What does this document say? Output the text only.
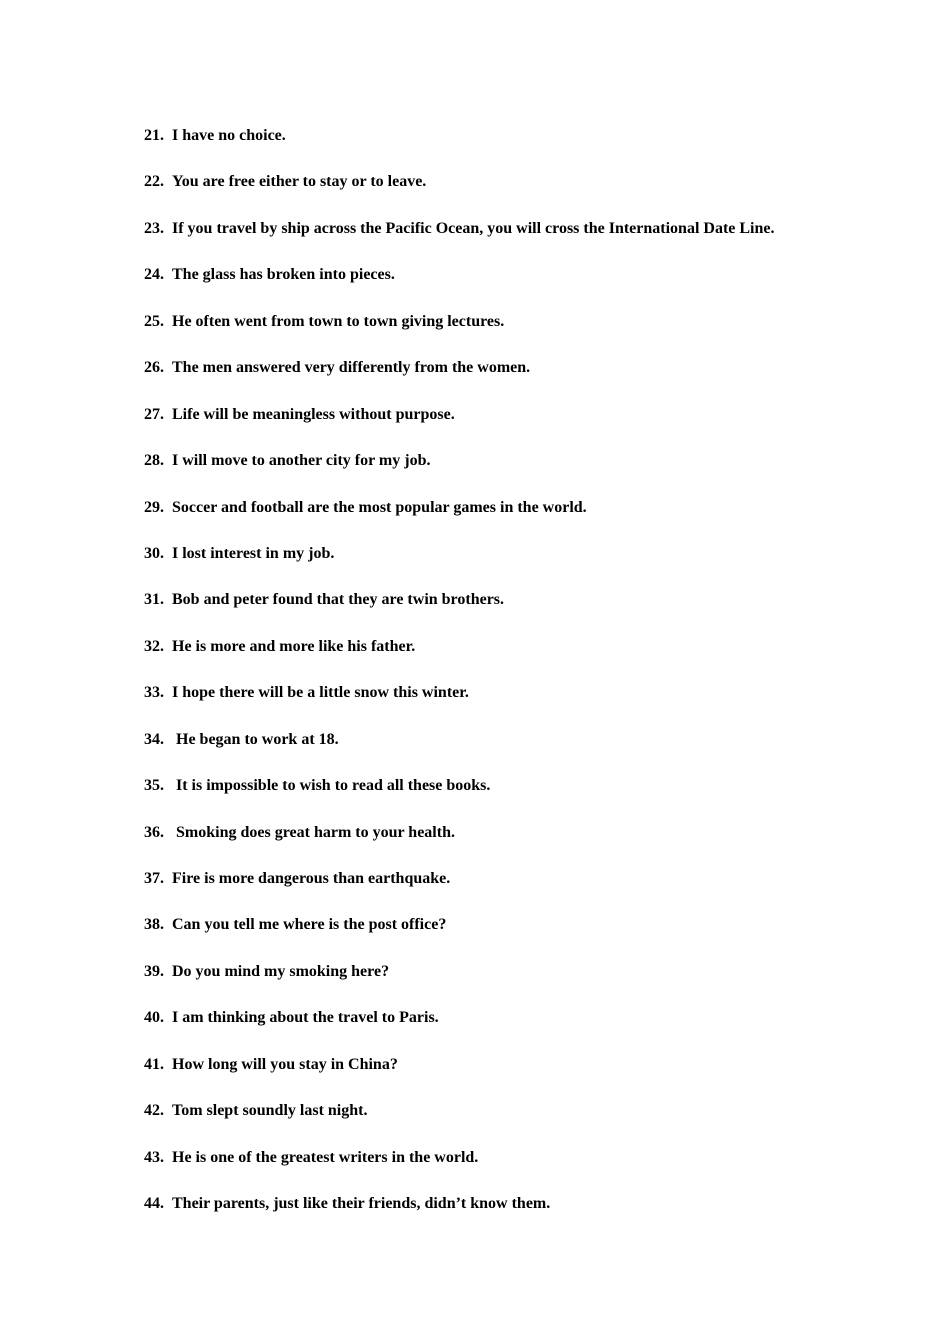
21. I have no choice.
22. You are free either to stay or to leave.
23. If you travel by ship across the Pacific Ocean, you will cross the International Date Line.
24. The glass has broken into pieces.
25. He often went from town to town giving lectures.
26. The men answered very differently from the women.
27. Life will be meaningless without purpose.
28. I will move to another city for my job.
29. Soccer and football are the most popular games in the world.
30. I lost interest in my job.
31. Bob and peter found that they are twin brothers.
32. He is more and more like his father.
33. I hope there will be a little snow this winter.
34. He began to work at 18.
35. It is impossible to wish to read all these books.
36. Smoking does great harm to your health.
37. Fire is more dangerous than earthquake.
38. Can you tell me where is the post office?
39. Do you mind my smoking here?
40. I am thinking about the travel to Paris.
41. How long will you stay in China?
42. Tom slept soundly last night.
43. He is one of the greatest writers in the world.
44. Their parents, just like their friends, didn’t know them.
